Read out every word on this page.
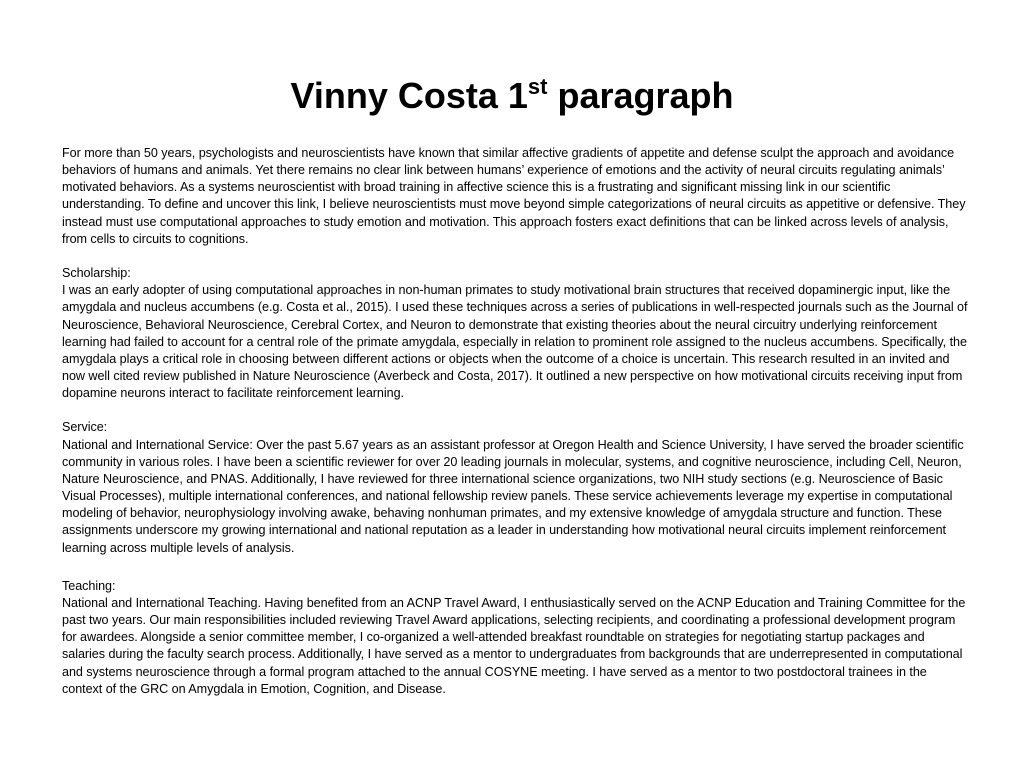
Vinny Costa 1st paragraph

For more than 50 years, psychologists and neuroscientists have known that similar affective gradients of appetite and defense sculpt the approach and avoidance behaviors of humans and animals. Yet there remains no clear link between humans’ experience of emotions and the activity of neural circuits regulating animals’ motivated behaviors. As a systems neuroscientist with broad training in affective science this is a frustrating and significant missing link in our scientific understanding. To define and uncover this link, I believe neuroscientists must move beyond simple categorizations of neural circuits as appetitive or defensive. They instead must use computational approaches to study emotion and motivation. This approach fosters exact definitions that can be linked across levels of analysis, from cells to circuits to cognitions.

Scholarship:

I was an early adopter of using computational approaches in non-human primates to study motivational brain structures that received dopaminergic input, like the amygdala and nucleus accumbens (e.g. Costa et al., 2015). I used these techniques across a series of publications in well-respected journals such as the Journal of Neuroscience, Behavioral Neuroscience, Cerebral Cortex, and Neuron to demonstrate that existing theories about the neural circuitry underlying reinforcement learning had failed to account for a central role of the primate amygdala, especially in relation to prominent role assigned to the nucleus accumbens. Specifically, the amygdala plays a critical role in choosing between different actions or objects when the outcome of a choice is uncertain. This research resulted in an invited and now well cited review published in Nature Neuroscience (Averbeck and Costa, 2017). It outlined a new perspective on how motivational circuits receiving input from dopamine neurons interact to facilitate reinforcement learning.

Service:

National and International Service: Over the past 5.67 years as an assistant professor at Oregon Health and Science University, I have served the broader scientific community in various roles. I have been a scientific reviewer for over 20 leading journals in molecular, systems, and cognitive neuroscience, including Cell, Neuron, Nature Neuroscience, and PNAS. Additionally, I have reviewed for three international science organizations, two NIH study sections (e.g. Neuroscience of Basic Visual Processes), multiple international conferences, and national fellowship review panels. These service achievements leverage my expertise in computational modeling of behavior, neurophysiology involving awake, behaving nonhuman primates, and my extensive knowledge of amygdala structure and function. These assignments underscore my growing international and national reputation as a leader in understanding how motivational neural circuits implement reinforcement learning across multiple levels of analysis.

Teaching:

National and International Teaching. Having benefited from an ACNP Travel Award, I enthusiastically served on the ACNP Education and Training Committee for the past two years. Our main responsibilities included reviewing Travel Award applications, selecting recipients, and coordinating a professional development program for awardees. Alongside a senior committee member, I co-organized a well-attended breakfast roundtable on strategies for negotiating startup packages and salaries during the faculty search process. Additionally, I have served as a mentor to undergraduates from backgrounds that are underrepresented in computational and systems neuroscience through a formal program attached to the annual COSYNE meeting. I have served as a mentor to two postdoctoral trainees in the context of the GRC on Amygdala in Emotion, Cognition, and Disease.
